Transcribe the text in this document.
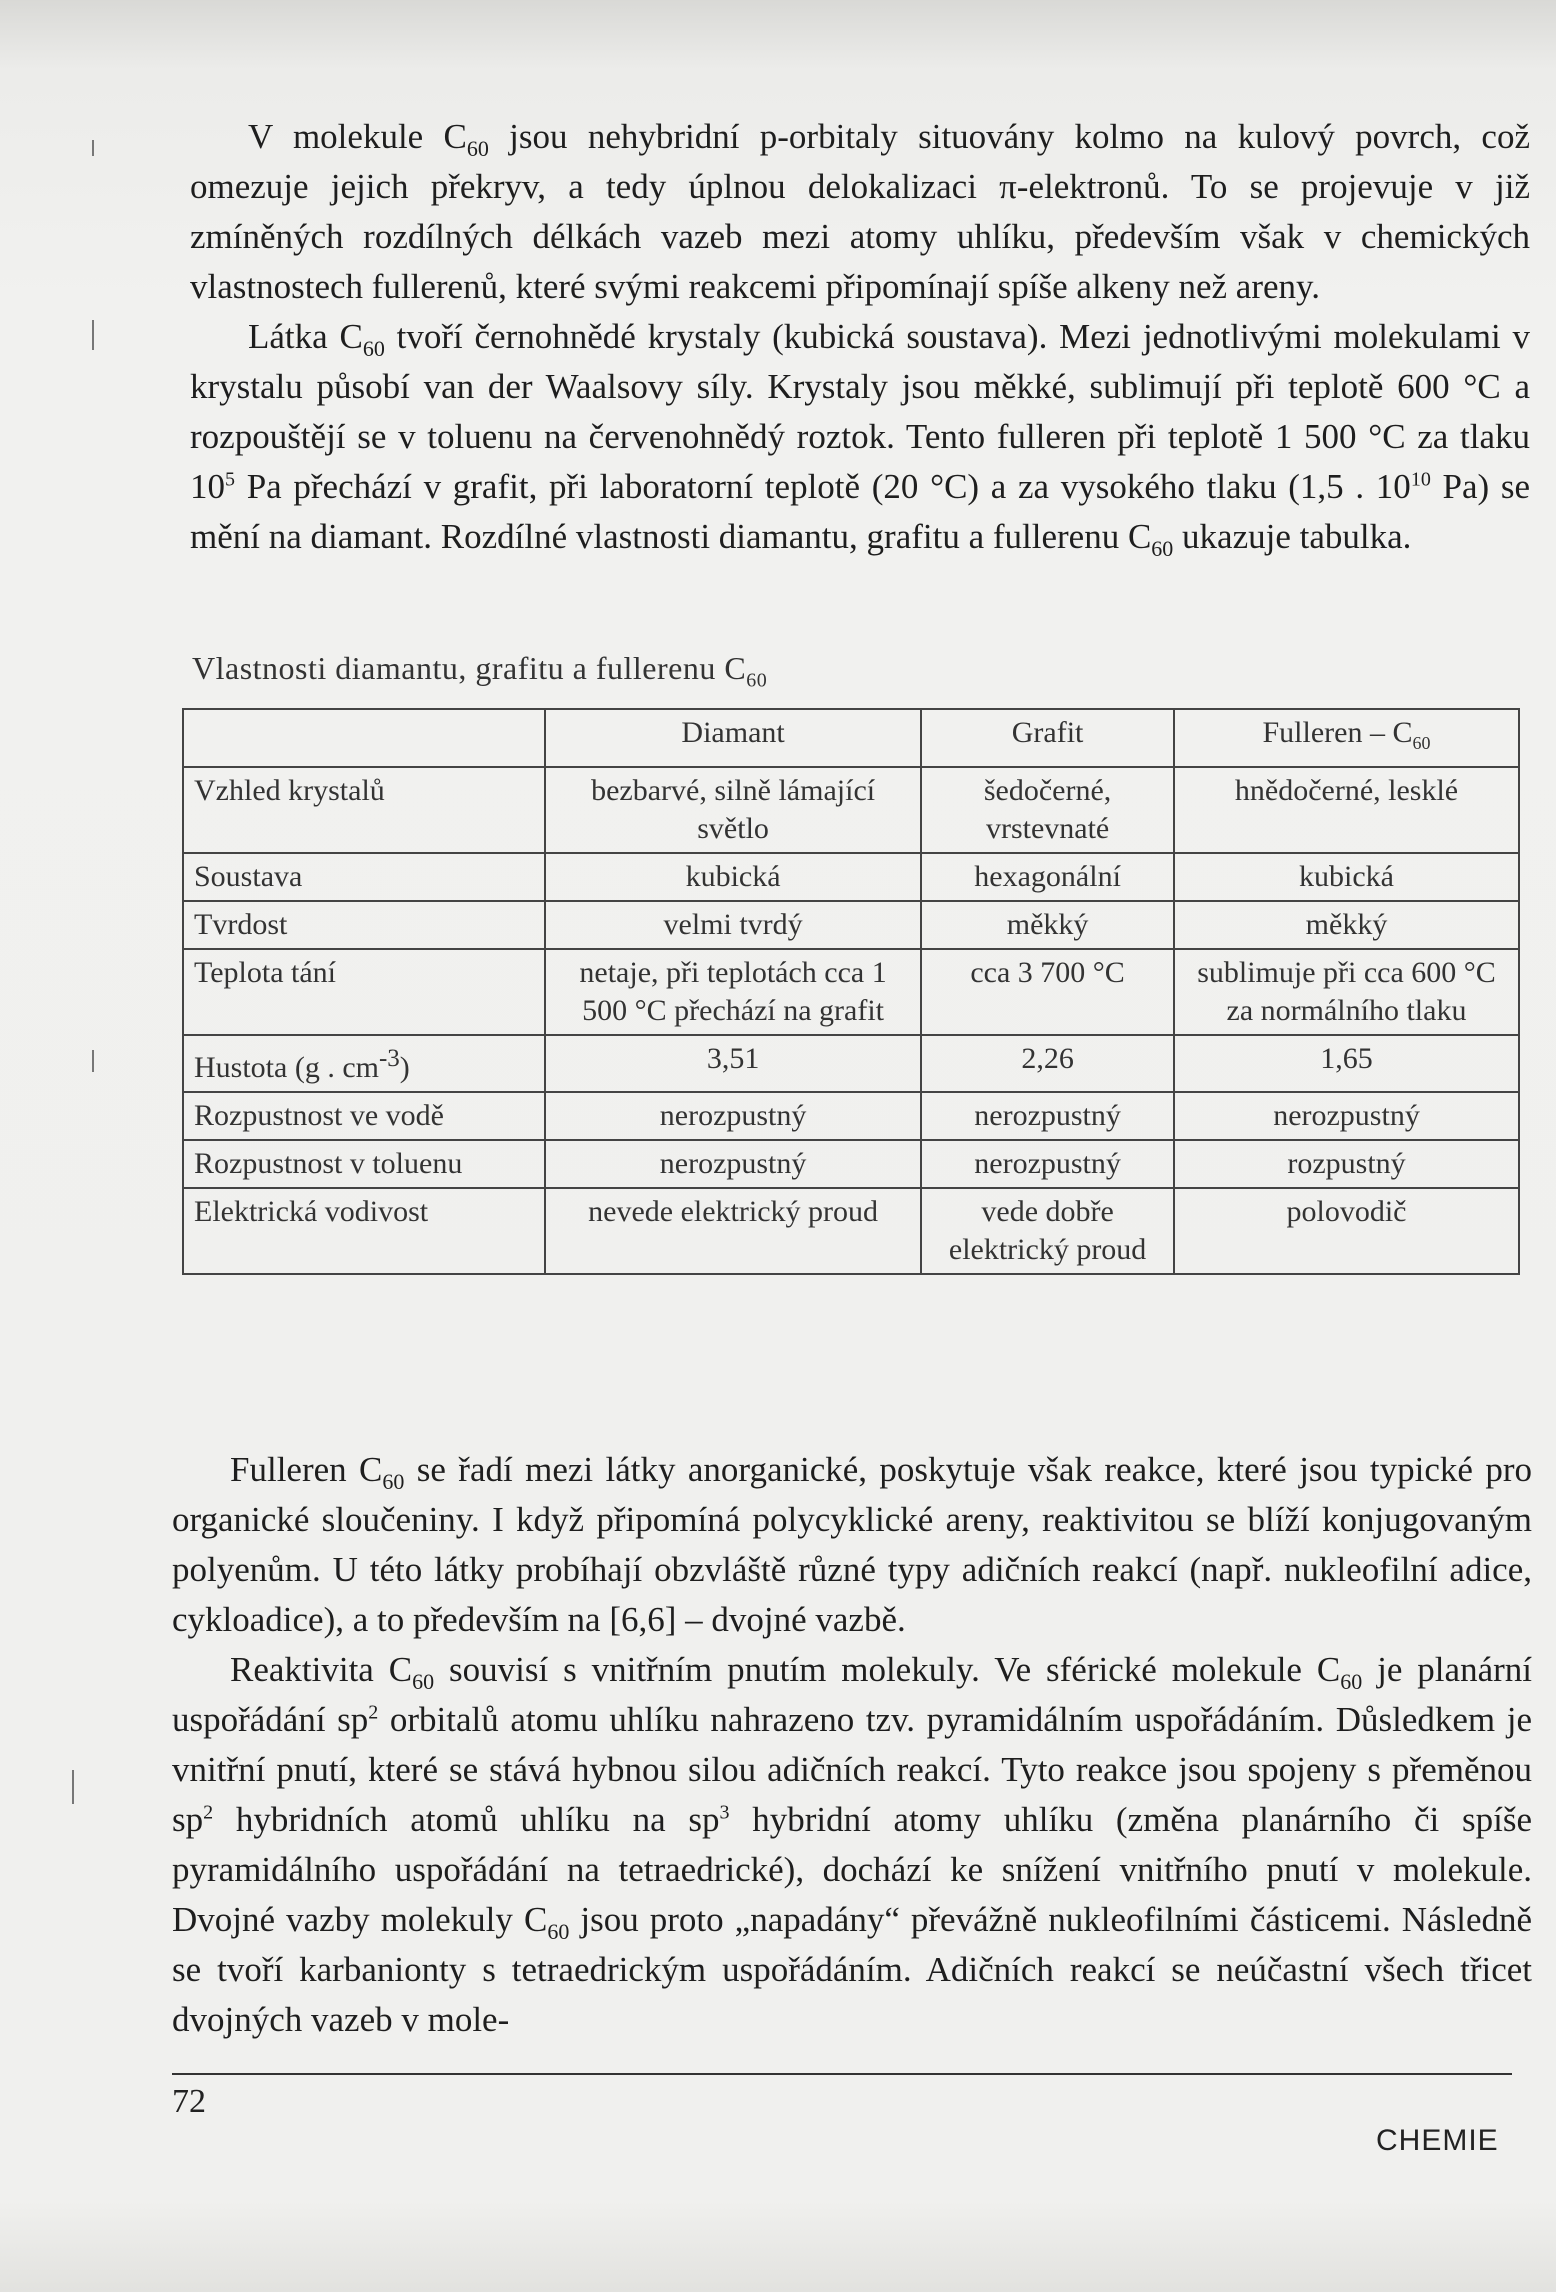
V molekule $C_{60}$ jsou nehybridní p-orbitaly situovány kolmo na kulový povrch, což omezuje jejich překryv, a tedy úplnou delokalizaci π-elektronů. To se projevuje v již zmíněných rozdílných délkách vazeb mezi atomy uhlíku, především však v chemických vlastnostech fullerenů, které svými reakcemi připomínají spíše alkeny než areny.

Látka $C_{60}$ tvoří černohnědé krystaly (kubická soustava). Mezi jednotlivými molekulami v krystalu působí van der Waalsovy síly. Krystaly jsou měkké, sublimují při teplotě 600 °C a rozpouštějí se v toluenu na červenohnědý roztok. Tento fulleren při teplotě 1 500 °C za tlaku $10^5$ Pa přechází v grafit, při laboratorní teplotě (20 °C) a za vysokého tlaku (1,5 . $10^{10}$ Pa) se mění na diamant. Rozdílné vlastnosti diamantu, grafitu a fullerenu $C_{60}$ ukazuje tabulka.

Vlastnosti diamantu, grafitu a fullerenu $C_{60}$
	Diamant	Grafit	Fulleren – $C_{60}$
Vzhled krystalů	bezbarvé, silně lámající světlo	šedočerné, vrstevnaté	hnědočerné, lesklé
Soustava	kubická	hexagonální	kubická
Tvrdost	velmi tvrdý	měkký	měkký
Teplota tání	netaje, při teplotách cca 1 500 °C přechází na grafit	cca 3 700 °C	sublimuje při cca 600 °C za normálního tlaku
Hustota (g . $cm^{-3}$)	3,51	2,26	1,65
Rozpustnost ve vodě	nerozpustný	nerozpustný	nerozpustný
Rozpustnost v toluenu	nerozpustný	nerozpustný	rozpustný
Elektrická vodivost	nevede elektrický proud	vede dobře elektrický proud	polovodič

Fulleren $C_{60}$ se řadí mezi látky anorganické, poskytuje však reakce, které jsou typické pro organické sloučeniny. I když připomíná polycyklické areny, reaktivitou se blíží konjugovaným polyenům. U této látky probíhají obzvláště různé typy adičních reakcí (např. nukleofilní adice, cykloadice), a to především na [6,6] – dvojné vazbě.

Reaktivita $C_{60}$ souvisí s vnitřním pnutím molekuly. Ve sférické molekule $C_{60}$ je planární uspořádání $sp^2$ orbitalů atomu uhlíku nahrazeno tzv. pyramidálním uspořádáním. Důsledkem je vnitřní pnutí, které se stává hybnou silou adičních reakcí. Tyto reakce jsou spojeny s přeměnou $sp^2$ hybridních atomů uhlíku na $sp^3$ hybridní atomy uhlíku (změna planárního či spíše pyramidálního uspořádání na tetraedrické), dochází ke snížení vnitřního pnutí v molekule. Dvojné vazby molekuly $C_{60}$ jsou proto „napadány“ převážně nukleofilními částicemi. Následně se tvoří karbanionty s tetraedrickým uspořádáním. Adičních reakcí se neúčastní všech třicet dvojných vazeb v mole-

72
CHEMIE
